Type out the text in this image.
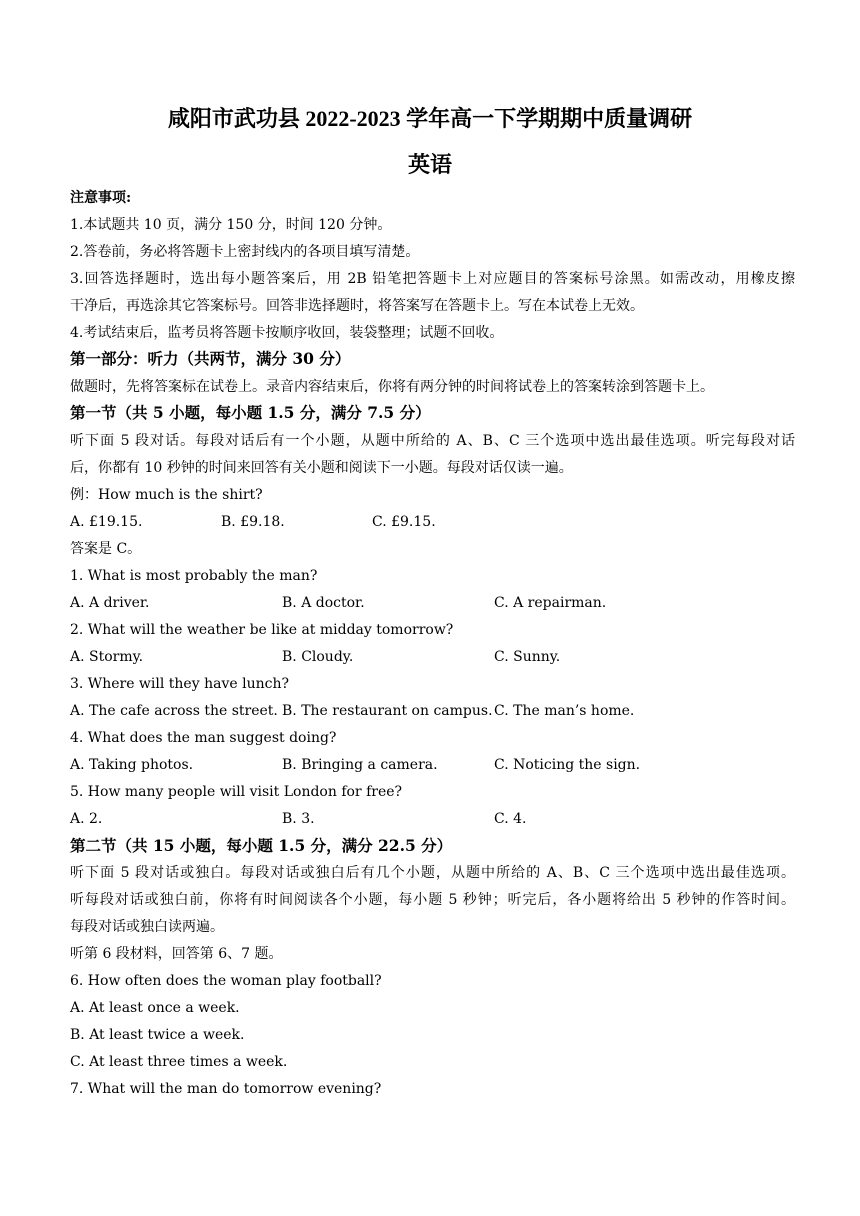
咸阳市武功县 2022-2023 学年高一下学期期中质量调研
英语
注意事项:
1.本试题共 10 页，满分 150 分，时间 120 分钟。
2.答卷前，务必将答题卡上密封线内的各项目填写清楚。
3.回答选择题时，选出每小题答案后，用 2B 铅笔把答题卡上对应题目的答案标号涂黑。如需改动，用橡皮擦
干净后，再选涂其它答案标号。回答非选择题时，将答案写在答题卡上。写在本试卷上无效。
4.考试结束后，监考员将答题卡按顺序收回，装袋整理；试题不回收。
第一部分：听力（共两节，满分 30 分）
做题时，先将答案标在试卷上。录音内容结束后，你将有两分钟的时间将试卷上的答案转涂到答题卡上。
第一节（共 5 小题，每小题 1.5 分，满分 7.5 分）
听下面 5 段对话。每段对话后有一个小题，从题中所给的 A、B、C 三个选项中选出最佳选项。听完每段对话
后，你都有 10 秒钟的时间来回答有关小题和阅读下一小题。每段对话仅读一遍。
例：How much is the shirt?
A. £19.15.	B. £9.18.	C. £9.15.
答案是 C。
1. What is most probably the man?
A. A driver.	B. A doctor.	C. A repairman.
2. What will the weather be like at midday tomorrow?
A. Stormy.	B. Cloudy.	C. Sunny.
3. Where will they have lunch?
A. The cafe across the street. B. The restaurant on campus. C. The man’s home.
4. What does the man suggest doing?
A. Taking photos.	B. Bringing a camera.	C. Noticing the sign.
5. How many people will visit London for free?
A. 2.	B. 3.	C. 4.
第二节（共 15 小题，每小题 1.5 分，满分 22.5 分）
听下面 5 段对话或独白。每段对话或独白后有几个小题，从题中所给的 A、B、C 三个选项中选出最佳选项。
听每段对话或独白前，你将有时间阅读各个小题，每小题 5 秒钟；听完后，各小题将给出 5 秒钟的作答时间。
每段对话或独白读两遍。
听第 6 段材料，回答第 6、7 题。
6. How often does the woman play football?
A. At least once a week.
B. At least twice a week.
C. At least three times a week.
7. What will the man do tomorrow evening?
